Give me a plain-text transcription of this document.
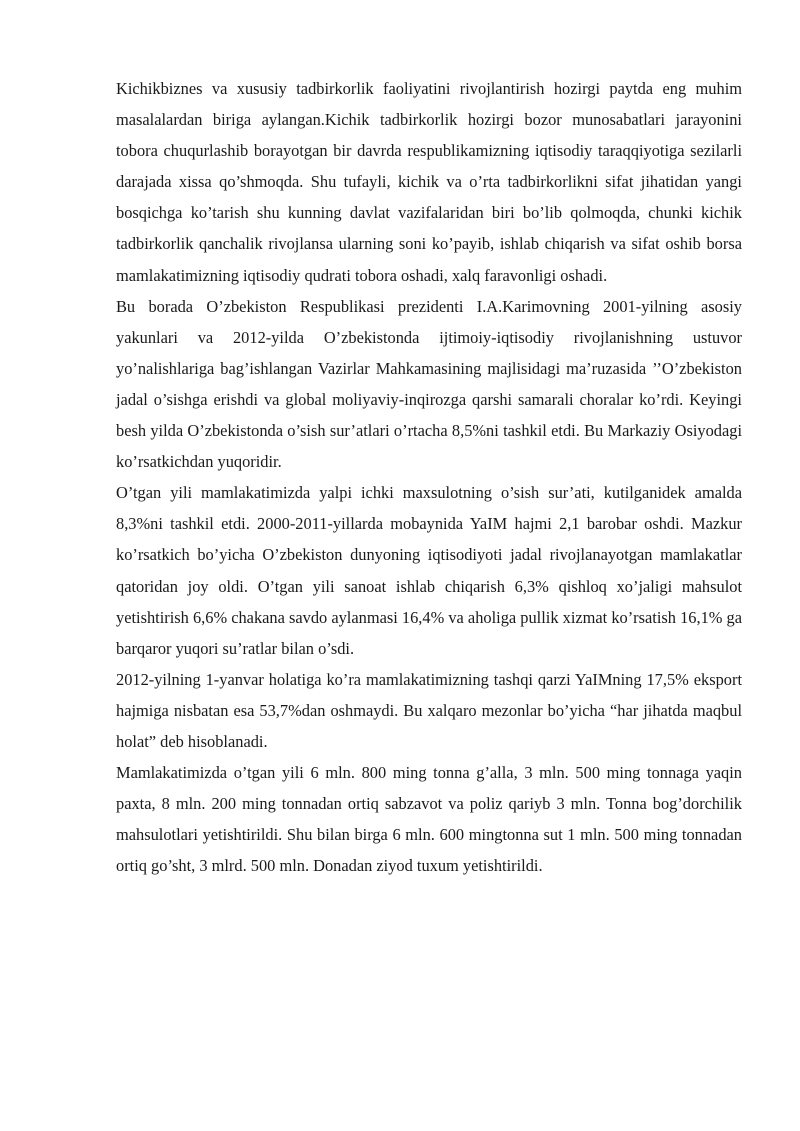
Kichikbiznes va xususiy tadbirkorlik faoliyatini rivojlantirish hozirgi paytda eng muhim masalalardan biriga aylangan.Kichik tadbirkorlik hozirgi bozor munosabatlari jarayonini tobora chuqurlashib borayotgan bir davrda respublikamizning iqtisodiy taraqqiyotiga sezilarli darajada xissa qo’shmoqda. Shu tufayli, kichik va o’rta tadbirkorlikni sifat jihatidan yangi bosqichga ko’tarish shu kunning davlat vazifalaridan biri bo’lib qolmoqda, chunki kichik tadbirkorlik qanchalik rivojlansa ularning soni ko’payib, ishlab chiqarish va sifat oshib borsa mamlakatimizning iqtisodiy qudrati tobora oshadi, xalq faravonligi oshadi.

Bu borada O’zbekiston Respublikasi prezidenti I.A.Karimovning 2001-yilning asosiy yakunlari va 2012-yilda O’zbekistonda ijtimoiy-iqtisodiy rivojlanishning ustuvor yo’nalishlariga bag’ishlangan Vazirlar Mahkamasining majlisidagi ma’ruzasida ’’O’zbekiston jadal o’sishga erishdi va global moliyaviy-inqirozga qarshi samarali choralar ko’rdi. Keyingi besh yilda O’zbekistonda o’sish sur’atlari o’rtacha 8,5%ni tashkil etdi. Bu Markaziy Osiyodagi ko’rsatkichdan yuqoridir.

O’tgan yili mamlakatimizda yalpi ichki maxsulotning o’sish sur’ati, kutilganidek amalda 8,3%ni tashkil etdi. 2000-2011-yillarda mobaynida YaIM hajmi 2,1 barobar oshdi. Mazkur ko’rsatkich bo’yicha O’zbekiston dunyoning iqtisodiyoti jadal rivojlanayotgan mamlakatlar qatoridan joy oldi. O’tgan yili sanoat ishlab chiqarish 6,3% qishloq xo’jaligi mahsulot yetishtirish 6,6% chakana savdo aylanmasi 16,4% va aholiga pullik xizmat ko’rsatish 16,1% ga barqaror yuqori su’ratlar bilan o’sdi.

2012-yilning 1-yanvar holatiga ko’ra mamlakatimizning tashqi qarzi YaIMning 17,5% eksport hajmiga nisbatan esa 53,7%dan oshmaydi. Bu xalqaro mezonlar bo’yicha “har jihatda maqbul holat” deb hisoblanadi.

Mamlakatimizda o’tgan yili 6 mln. 800 ming tonna g’alla, 3 mln. 500 ming tonnaga yaqin paxta, 8 mln. 200 ming tonnadan ortiq sabzavot va poliz qariyb 3 mln. Tonna bog’dorchilik mahsulotlari yetishtirildi. Shu bilan birga 6 mln. 600 mingtonna sut 1 mln. 500 ming tonnadan ortiq go’sht, 3 mlrd. 500 mln. Donadan ziyod tuxum yetishtirildi.
